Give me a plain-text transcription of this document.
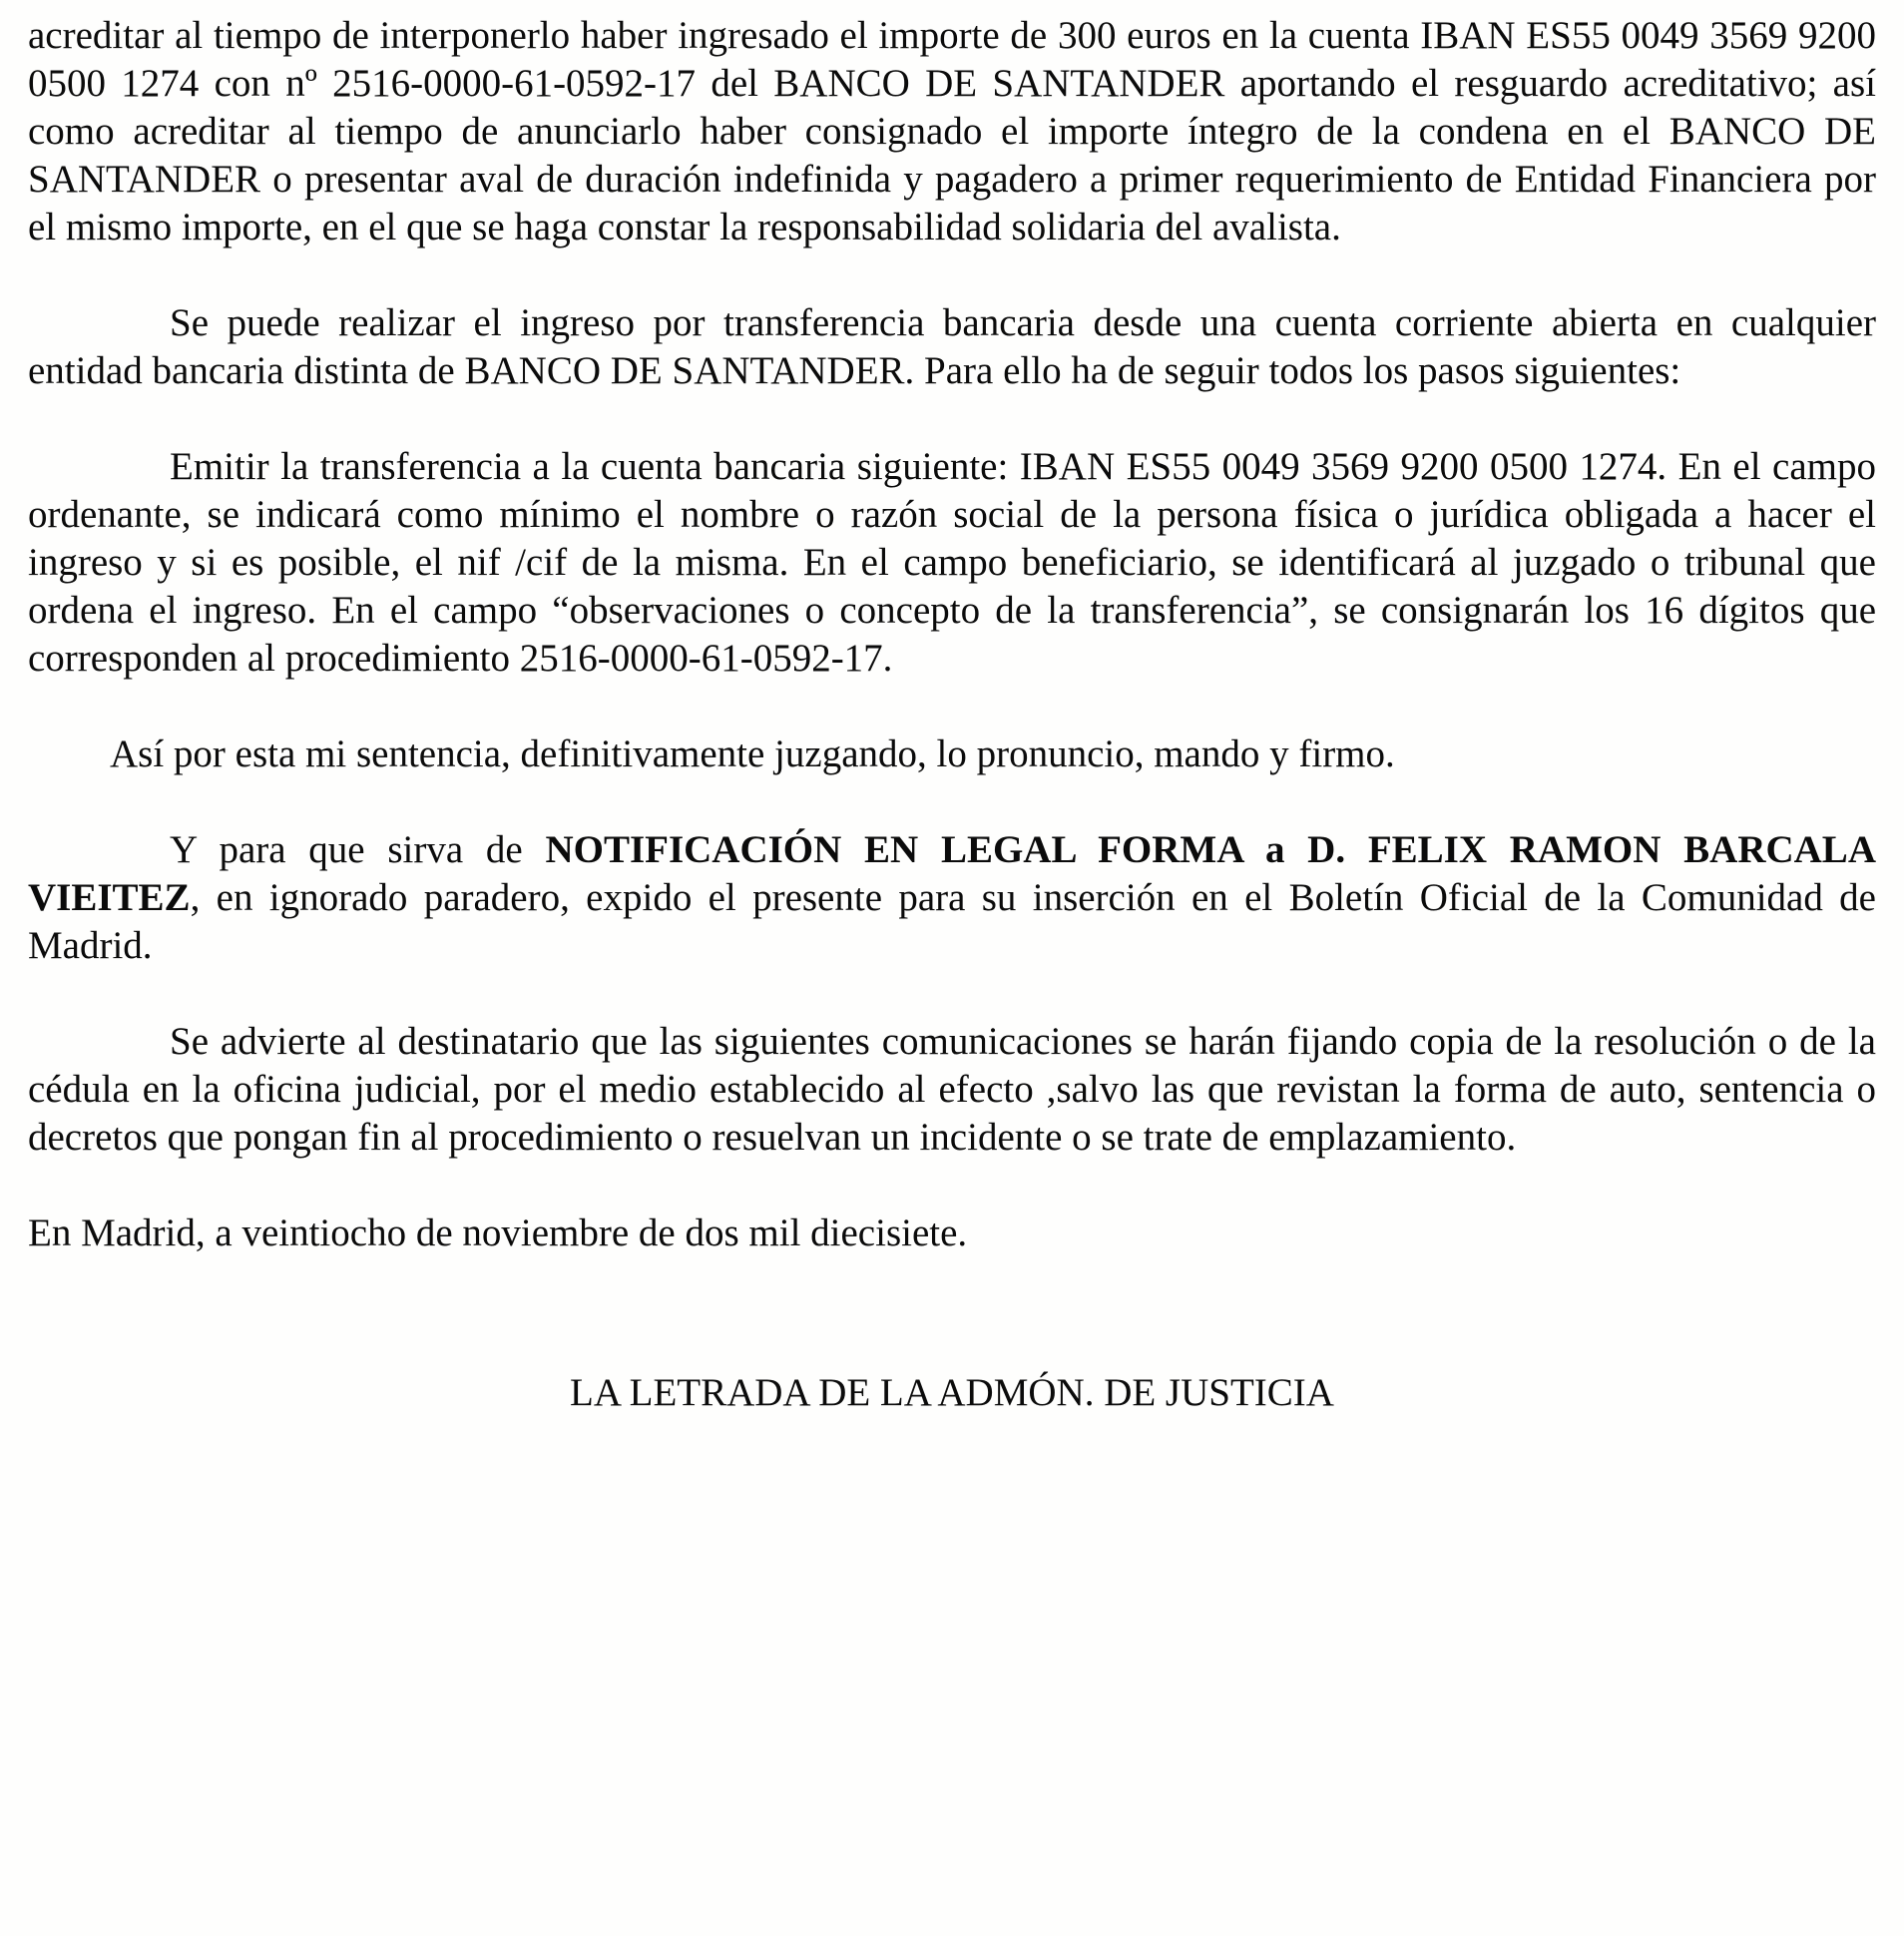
acreditar al tiempo de interponerlo haber ingresado el importe de 300 euros en la cuenta IBAN ES55 0049 3569 9200 0500 1274 con nº 2516-0000-61-0592-17 del BANCO DE SANTANDER aportando el resguardo acreditativo; así como acreditar al tiempo de anunciarlo haber consignado el importe íntegro de la condena en el BANCO DE SANTANDER o presentar aval de duración indefinida y pagadero a primer requerimiento de Entidad Financiera por el mismo importe, en el que se haga constar la responsabilidad solidaria del avalista.

Se puede realizar el ingreso por transferencia bancaria desde una cuenta corriente abierta en cualquier entidad bancaria distinta de BANCO DE SANTANDER. Para ello ha de seguir todos los pasos siguientes:

Emitir la transferencia a la cuenta bancaria siguiente: IBAN ES55 0049 3569 9200 0500 1274. En el campo ordenante, se indicará como mínimo el nombre o razón social de la persona física o jurídica obligada a hacer el ingreso y si es posible, el nif /cif de la misma. En el campo beneficiario, se identificará al juzgado o tribunal que ordena el ingreso. En el campo “observaciones o concepto de la transferencia”, se consignarán los 16 dígitos que corresponden al procedimiento 2516-0000-61-0592-17.

Así por esta mi sentencia, definitivamente juzgando, lo pronuncio, mando y firmo.

Y para que sirva de NOTIFICACIÓN EN LEGAL FORMA a D. FELIX RAMON BARCALA VIEITEZ, en ignorado paradero, expido el presente para su inserción en el Boletín Oficial de la Comunidad de Madrid.

Se advierte al destinatario que las siguientes comunicaciones se harán fijando copia de la resolución o de la cédula en la oficina judicial, por el medio establecido al efecto ,salvo las que revistan la forma de auto, sentencia o decretos que pongan fin al procedimiento o resuelvan un incidente o se trate de emplazamiento.

En Madrid, a veintiocho de noviembre de dos mil diecisiete.

LA LETRADA DE LA ADMÓN. DE JUSTICIA
